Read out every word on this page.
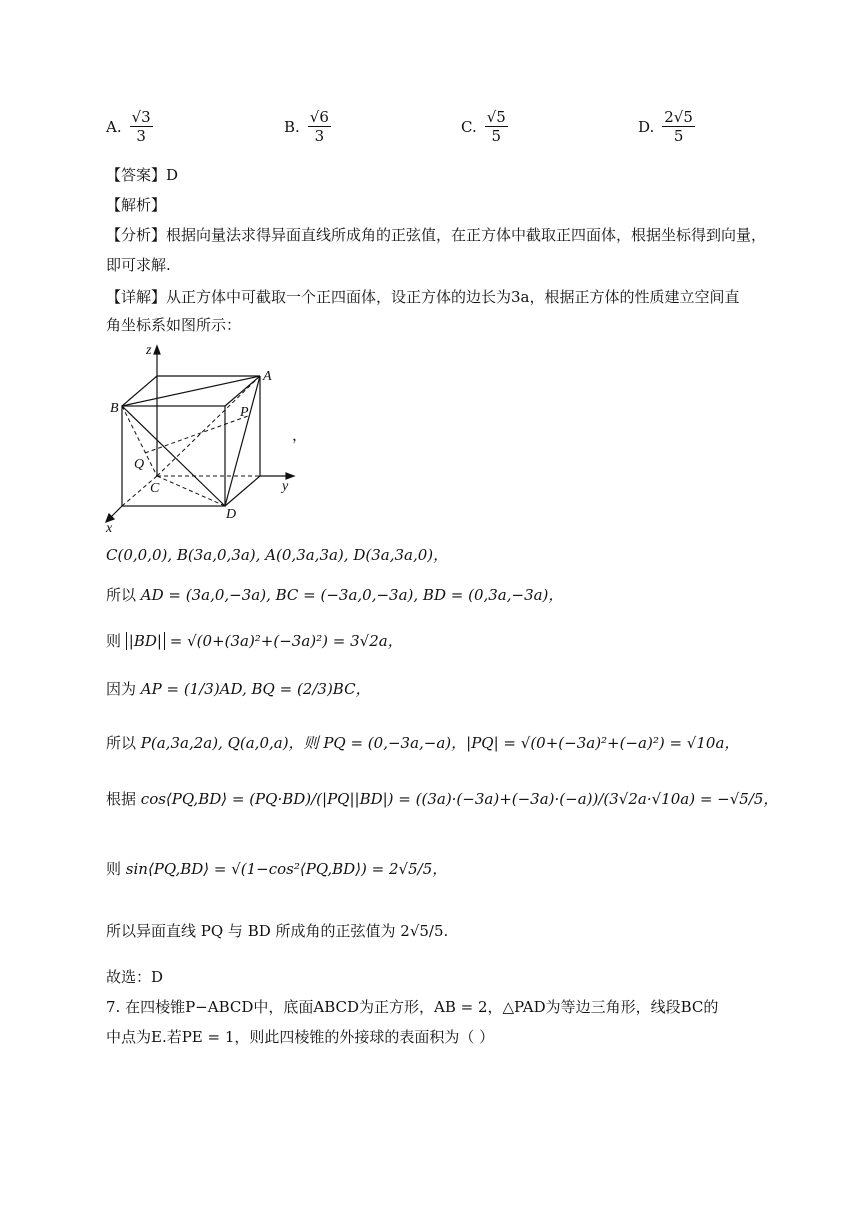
A. $\frac{√3}{3}$	B. $\frac{√6}{3}$	C. $\frac{√5}{5}$	D. $\frac{2√5}{5}$
【答案】D
【解析】
【分析】根据向量法求得异面直线所成角的正弦值，在正方体中截取正四面体，根据坐标得到向量，
即可求解.
【详解】从正方体中可截取一个正四面体，设正方体的边长为3a，根据正方体的性质建立空间直
角坐标系如图所示：
z
A
B	P
Q
C	y
D
x
，
C(0,0,0), B(3a,0,3a), A(0,3a,3a), D(3a,3a,0)，
所以 AD = (3a,0,−3a), BC = (−3a,0,−3a), BD = (0,3a,−3a)，
则 |BD| = √(0+(3a)²+(−3a)²) = 3√2a，
因为 AP = (1/3)AD, BQ = (2/3)BC，
所以 P(a,3a,2a), Q(a,0,a)，则 PQ = (0,−3a,−a)，|PQ| = √(0+(−3a)²+(−a)²) = √10a，
根据 cos⟨PQ,BD⟩ = (PQ·BD)/(|PQ||BD|) = ((3a)·(−3a)+(−3a)·(−a))/(3√2a·√10a) = −√5/5，
则 sin⟨PQ,BD⟩ = √(1−cos²⟨PQ,BD⟩) = 2√5/5，
所以异面直线 PQ 与 BD 所成角的正弦值为 2√5/5.
故选：D
7. 在四棱锥P−ABCD中，底面ABCD为正方形，AB = 2，△PAD为等边三角形，线段BC的
中点为E.若PE = 1，则此四棱锥的外接球的表面积为（ ）
